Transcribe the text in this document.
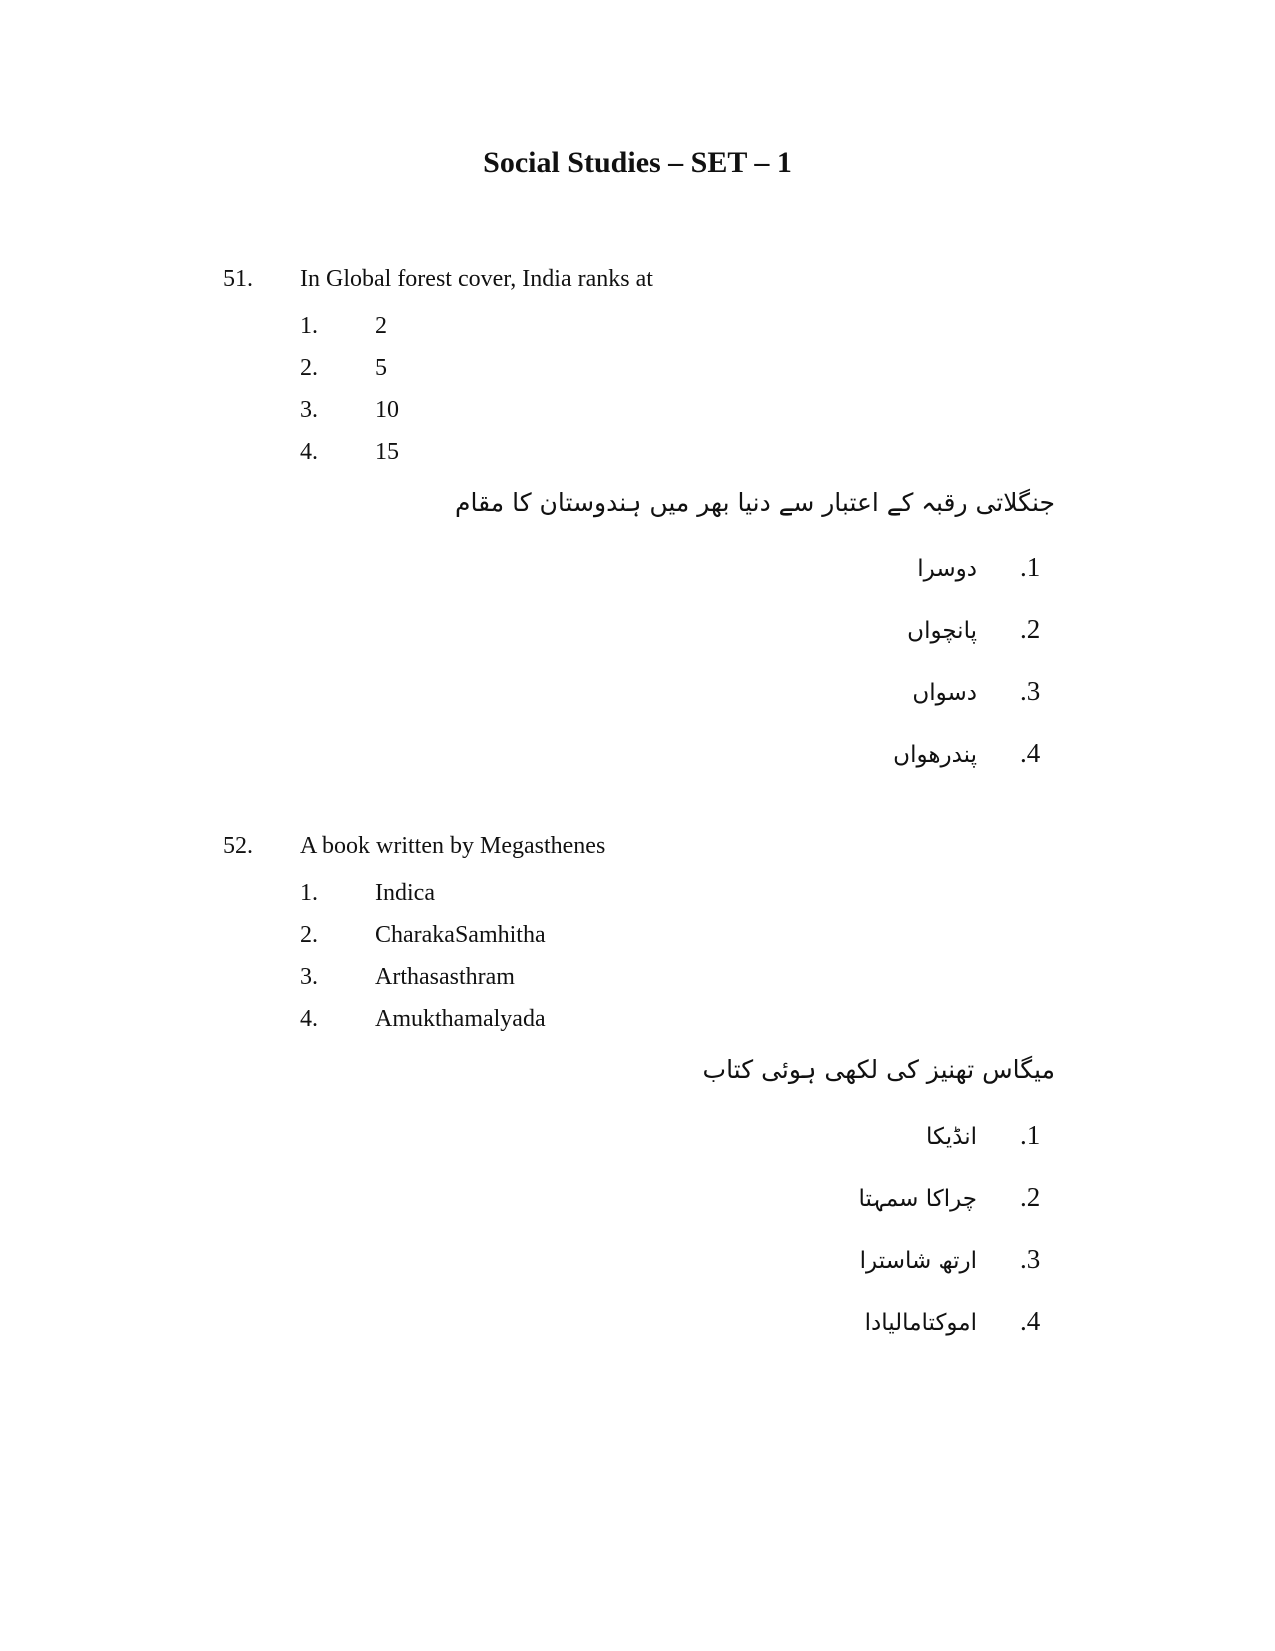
Social Studies – SET – 1
51. In Global forest cover, India ranks at
1. 2
2. 5
3. 10
4. 15
جنگلاتی رقبہ کے اعتبار سے دنیا بھر میں ہندوستان کا مقام
.1
دوسرا
.2
پانچواں
.3
دسواں
.4
پندرھواں
52. A book written by Megasthenes
1. Indica
2. CharakaSamhitha
3. Arthasasthram
4. Amukthamalyada
میگاس تھنیز کی لکھی ہوئی کتاب
.1
انڈیکا
.2
چراکا سمہتا
.3
ارتھ شاسترا
.4
اموکتامالیادا
